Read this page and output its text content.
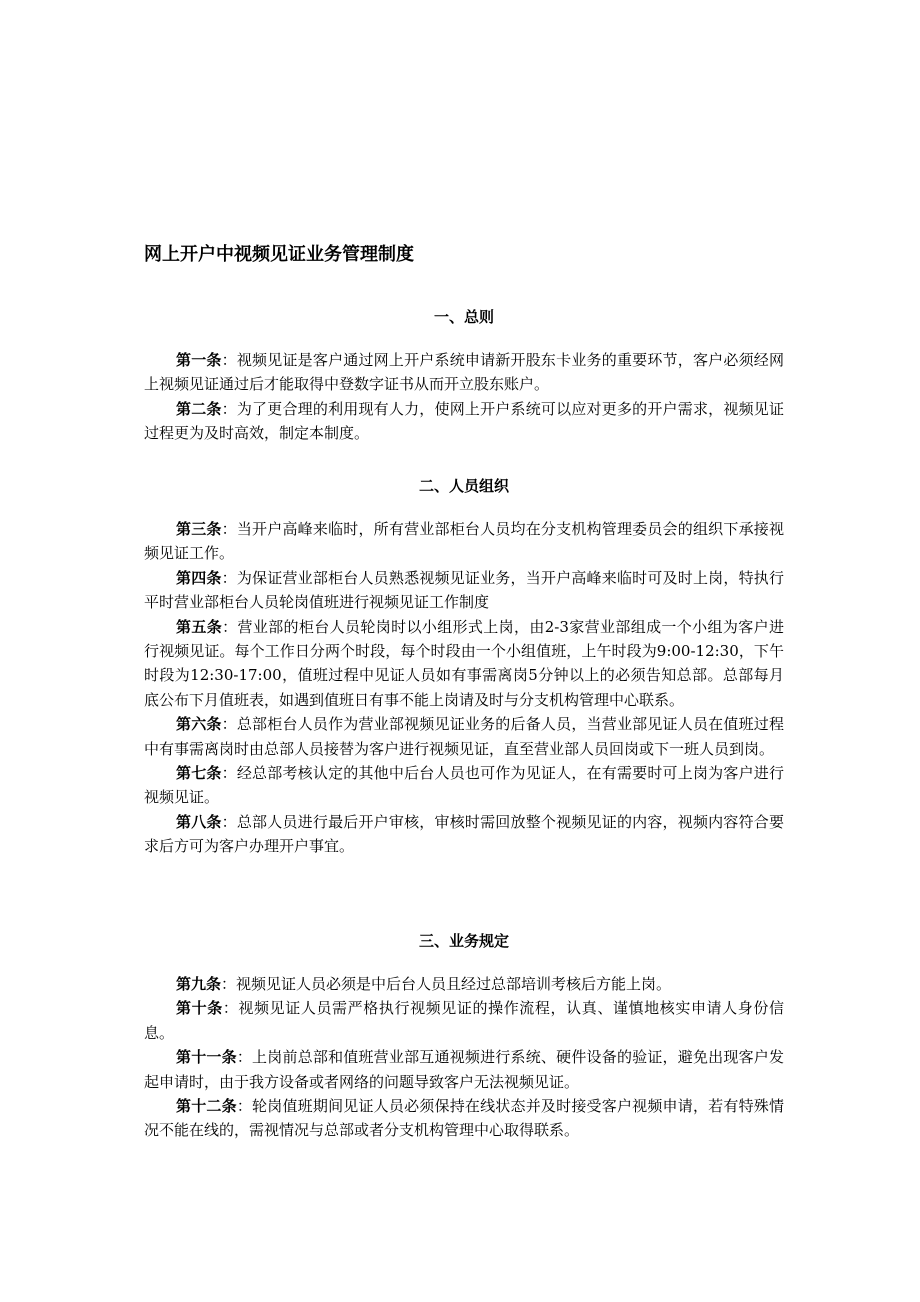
网上开户中视频见证业务管理制度
一、总则

第一条：视频见证是客户通过网上开户系统申请新开股东卡业务的重要环节，客户必须经网上视频见证通过后才能取得中登数字证书从而开立股东账户。

第二条：为了更合理的利用现有人力，使网上开户系统可以应对更多的开户需求，视频见证过程更为及时高效，制定本制度。

二、人员组织

第三条：当开户高峰来临时，所有营业部柜台人员均在分支机构管理委员会的组织下承接视频见证工作。

第四条：为保证营业部柜台人员熟悉视频见证业务，当开户高峰来临时可及时上岗，特执行平时营业部柜台人员轮岗值班进行视频见证工作制度

第五条：营业部的柜台人员轮岗时以小组形式上岗，由2-3家营业部组成一个小组为客户进行视频见证。每个工作日分两个时段，每个时段由一个小组值班，上午时段为9:00-12:30，下午时段为12:30-17:00，值班过程中见证人员如有事需离岗5分钟以上的必须告知总部。总部每月底公布下月值班表，如遇到值班日有事不能上岗请及时与分支机构管理中心联系。

第六条：总部柜台人员作为营业部视频见证业务的后备人员，当营业部见证人员在值班过程中有事需离岗时由总部人员接替为客户进行视频见证，直至营业部人员回岗或下一班人员到岗。

第七条：经总部考核认定的其他中后台人员也可作为见证人，在有需要时可上岗为客户进行视频见证。

第八条：总部人员进行最后开户审核，审核时需回放整个视频见证的内容，视频内容符合要求后方可为客户办理开户事宜。

三、业务规定

第九条：视频见证人员必须是中后台人员且经过总部培训考核后方能上岗。

第十条：视频见证人员需严格执行视频见证的操作流程，认真、谨慎地核实申请人身份信息。

第十一条：上岗前总部和值班营业部互通视频进行系统、硬件设备的验证，避免出现客户发起申请时，由于我方设备或者网络的问题导致客户无法视频见证。

第十二条：轮岗值班期间见证人员必须保持在线状态并及时接受客户视频申请，若有特殊情况不能在线的，需视情况与总部或者分支机构管理中心取得联系。
